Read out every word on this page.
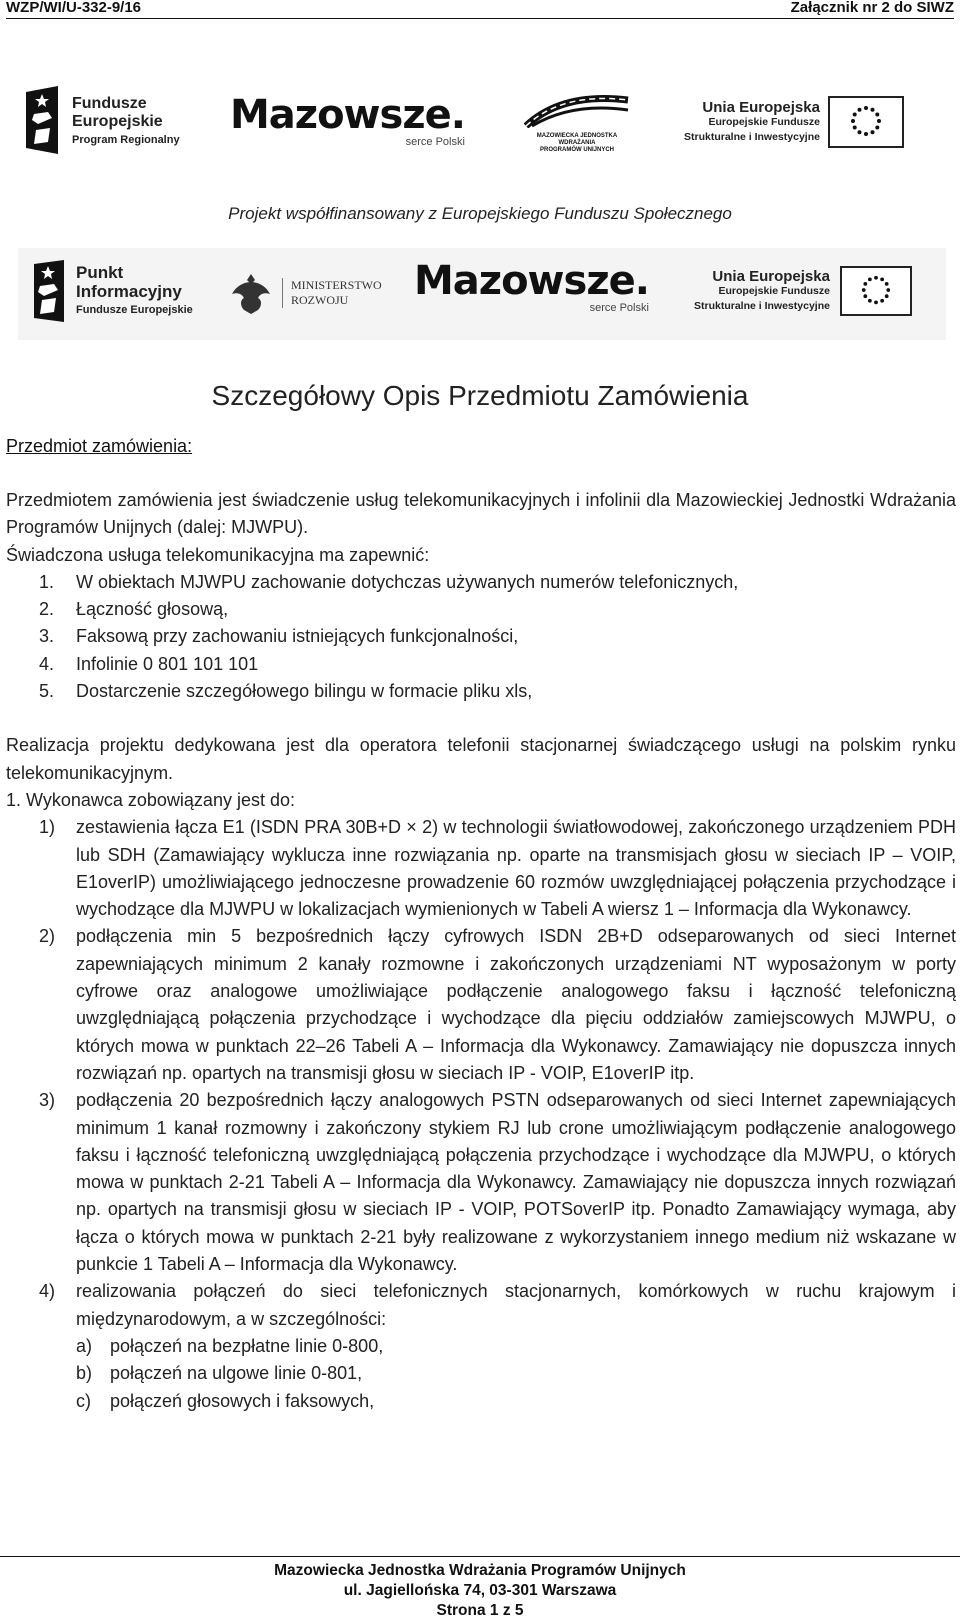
WZP/WI/U-332-9/16	Załącznik nr 2 do SIWZ
Fundusze
Europejskie
Program Regionalny
Mazowsze.
serce Polski	MAZOWIECKA JEDNOSTKA
WDRAŻANIA
PROGRAMÓW UNIJNYCH
Unia Europejska
Europejskie Fundusze
Strukturalne i Inwestycyjne
Projekt współfinansowany z Europejskiego Funduszu Społecznego
Punkt
Informacyjny
Fundusze Europejskie
MINISTERSTWO
ROZWOJU	Mazowsze.
serce Polski
Unia Europejska
Europejskie Fundusze
Strukturalne i Inwestycyjne
Szczegółowy Opis Przedmiotu Zamówienia
Przedmiot zamówienia:

Przedmiotem zamówienia jest świadczenie usług telekomunikacyjnych i infolinii dla Mazowieckiej Jednostki Wdrażania Programów Unijnych (dalej: MJWPU).

Świadczona usługa telekomunikacyjna ma zapewnić:

1.	W obiektach MJWPU zachowanie dotychczas używanych numerów telefonicznych,
2.	Łączność głosową,
3.	Faksową przy zachowaniu istniejących funkcjonalności,
4.	Infolinie 0 801 101 101
5.	Dostarczenie szczegółowego bilingu w formacie pliku xls,

Realizacja projektu dedykowana jest dla operatora telefonii stacjonarnej świadczącego usługi na polskim rynku telekomunikacyjnym.

1. Wykonawca zobowiązany jest do:

1)	zestawienia łącza E1 (ISDN PRA 30B+D × 2) w technologii światłowodowej, zakończonego urządzeniem PDH lub SDH (Zamawiający wyklucza inne rozwiązania np. oparte na transmisjach głosu w sieciach IP – VOIP, E1overIP) umożliwiającego jednoczesne prowadzenie 60 rozmów uwzględniającej połączenia przychodzące i wychodzące dla MJWPU w lokalizacjach wymienionych w Tabeli A wiersz 1 – Informacja dla Wykonawcy.
2)	podłączenia min 5 bezpośrednich łączy cyfrowych ISDN 2B+D odseparowanych od sieci Internet zapewniających minimum 2 kanały rozmowne i zakończonych urządzeniami NT wyposażonym w porty cyfrowe oraz analogowe umożliwiające podłączenie analogowego faksu i łączność telefoniczną uwzględniającą połączenia przychodzące i wychodzące dla pięciu oddziałów zamiejscowych MJWPU, o których mowa w punktach 22–26 Tabeli A – Informacja dla Wykonawcy. Zamawiający nie dopuszcza innych rozwiązań np. opartych na transmisji głosu w sieciach IP - VOIP, E1overIP itp.
3)	podłączenia 20 bezpośrednich łączy analogowych PSTN odseparowanych od sieci Internet zapewniających minimum 1 kanał rozmowny i zakończony stykiem RJ lub crone umożliwiającym podłączenie analogowego faksu i łączność telefoniczną uwzględniającą połączenia przychodzące i wychodzące dla MJWPU, o których mowa w punktach 2-21 Tabeli A – Informacja dla Wykonawcy. Zamawiający nie dopuszcza innych rozwiązań np. opartych na transmisji głosu w sieciach IP - VOIP, POTSoverIP itp. Ponadto Zamawiający wymaga, aby łącza o których mowa w punktach 2-21 były realizowane z wykorzystaniem innego medium niż wskazane w punkcie 1 Tabeli A – Informacja dla Wykonawcy.
4)	realizowania połączeń do sieci telefonicznych stacjonarnych, komórkowych w ruchu krajowym i międzynarodowym, a w szczególności:
a) połączeń na bezpłatne linie 0-800,
b) połączeń na ulgowe linie 0-801,
c)	połączeń głosowych i faksowych,
Mazowiecka Jednostka Wdrażania Programów Unijnych
ul. Jagiellońska 74, 03-301 Warszawa
Strona 1 z 5
